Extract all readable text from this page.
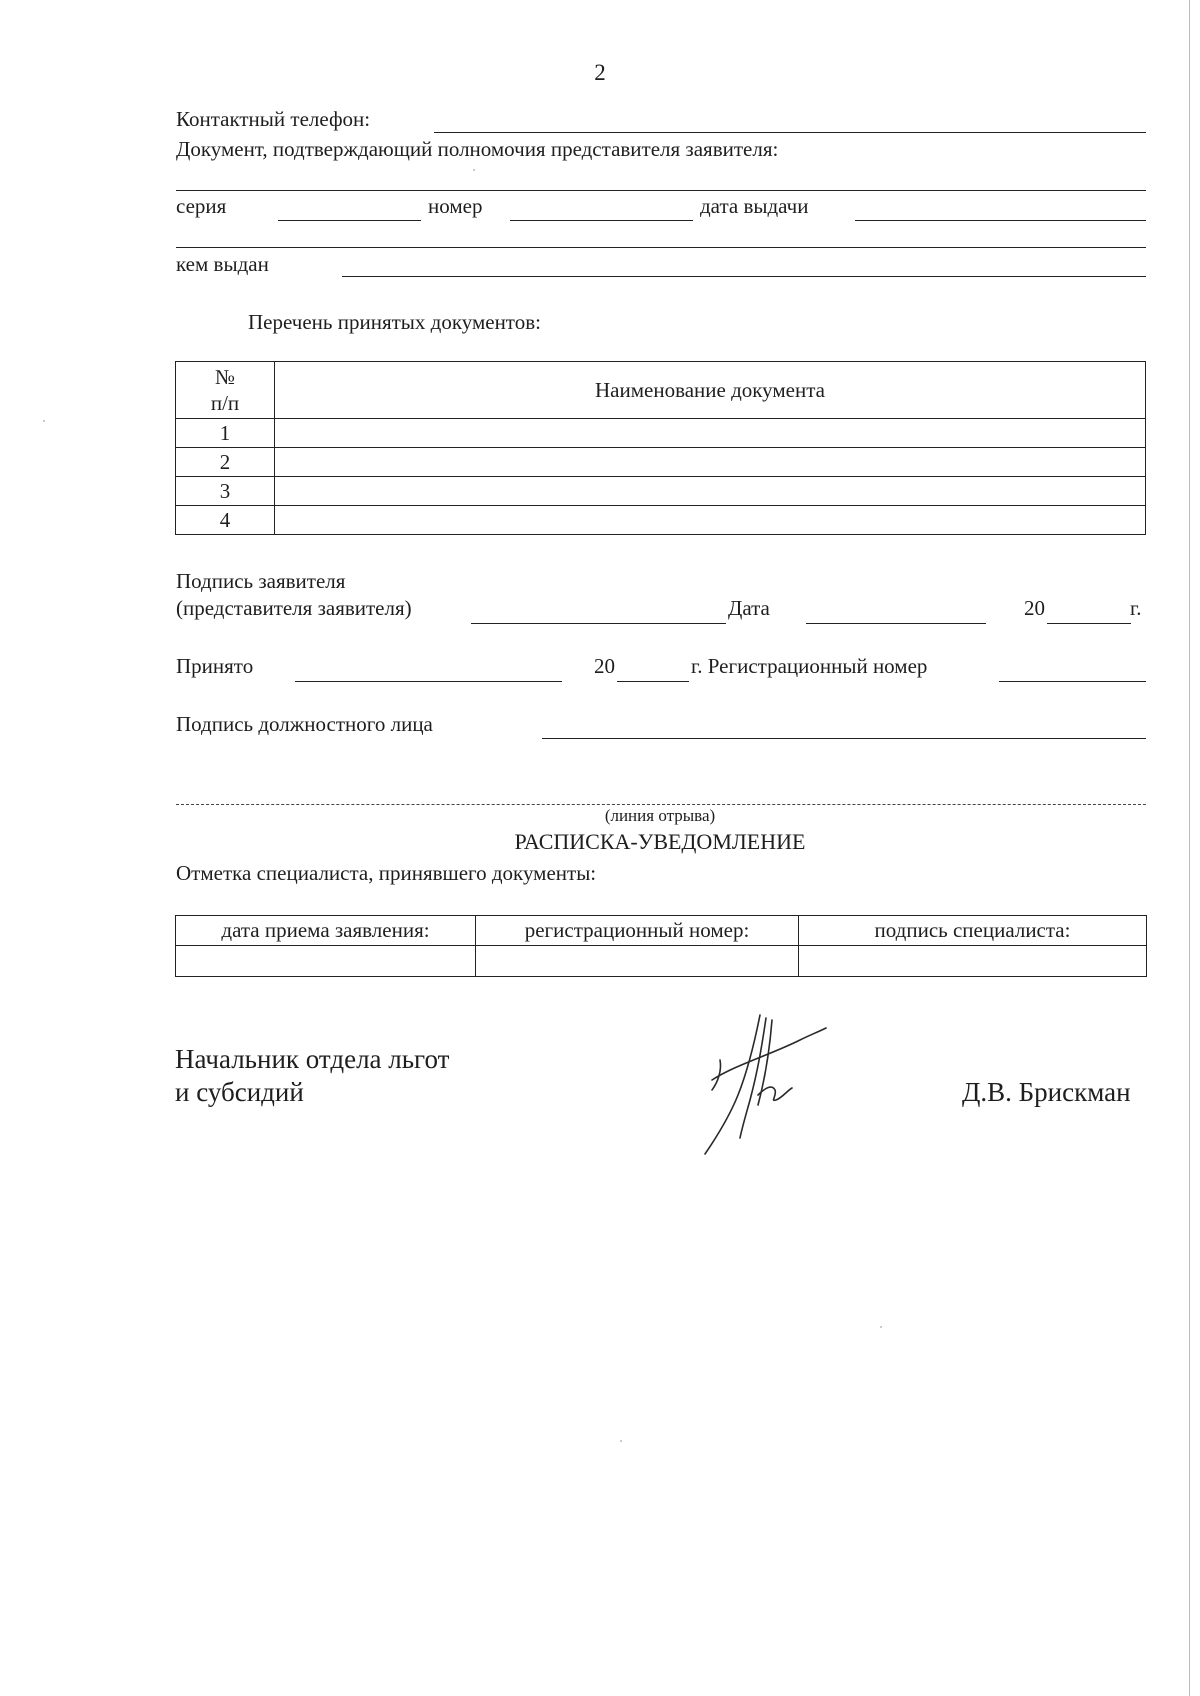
2
Контактный телефон:
Документ, подтверждающий полномочия представителя заявителя:
серия	номер	дата выдачи
кем выдан
Перечень принятых документов:
№
п/п	Наименование документа
1	
2	
3	
4	
Подпись заявителя
(представителя заявителя)	Дата	20	г.
Принято	20	г. Регистрационный номер
Подпись должностного лица
(линия отрыва)
РАСПИСКА-УВЕДОМЛЕНИЕ
Отметка специалиста, принявшего документы:
дата приема заявления:	регистрационный номер:	подпись специалиста:

Начальник отдела льгот
и субсидий	Д.В. Брискман
